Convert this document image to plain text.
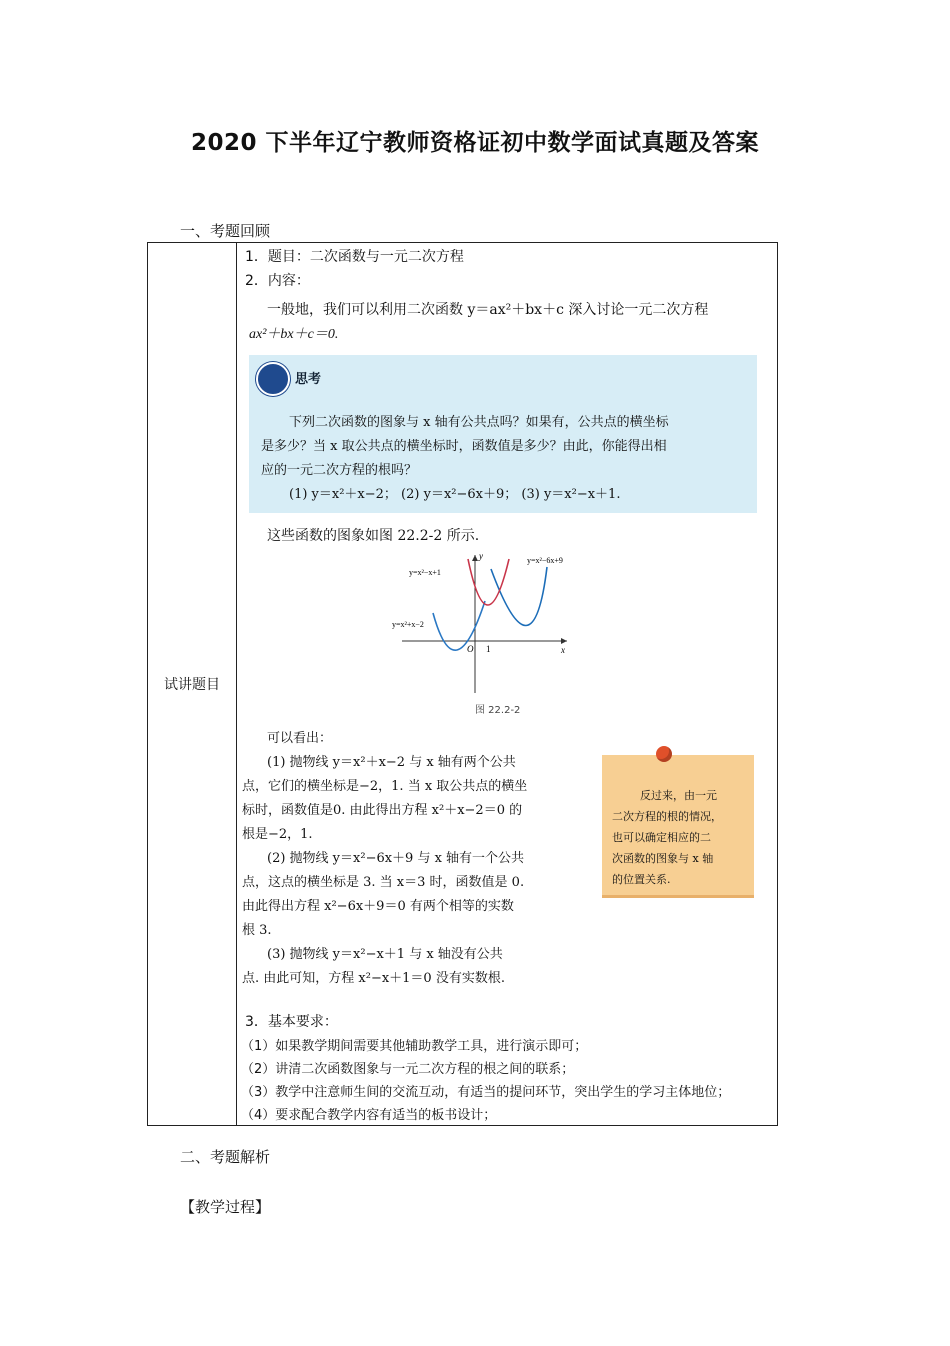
2020 下半年辽宁教师资格证初中数学面试真题及答案
一、考题回顾
试讲题目	
1．题目：二次函数与一元二次方程
2．内容：
一般地，我们可以利用二次函数 y＝ax²＋bx＋c 深入讨论一元二次方程
ax²＋bx＋c＝0.
思考
下列二次函数的图象与 x 轴有公共点吗？如果有，公共点的横坐标
是多少？当 x 取公共点的横坐标时，函数值是多少？由此，你能得出相
应的一元二次方程的根吗？
(1) y＝x²＋x−2； (2) y＝x²−6x＋9； (3) y＝x²−x＋1.
这些函数的图象如图 22.2-2 所示.
y
x
O 1
y=x²−x+1
y=x²−6x+9
y=x²+x−2
图 22.2-2
可以看出：
(1) 抛物线 y＝x²＋x−2 与 x 轴有两个公共
点，它们的横坐标是−2，1. 当 x 取公共点的横坐
标时，函数值是0. 由此得出方程 x²＋x−2＝0 的
根是−2，1.
(2) 抛物线 y＝x²−6x＋9 与 x 轴有一个公共
点，这点的横坐标是 3. 当 x＝3 时，函数值是 0.
由此得出方程 x²−6x＋9＝0 有两个相等的实数
根 3.
(3) 抛物线 y＝x²−x＋1 与 x 轴没有公共
点. 由此可知，方程 x²−x＋1＝0 没有实数根.
反过来，由一元
二次方程的根的情况，
也可以确定相应的二
次函数的图象与 x 轴
的位置关系.
3．基本要求：
（1）如果教学期间需要其他辅助教学工具，进行演示即可；
（2）讲清二次函数图象与一元二次方程的根之间的联系；
（3）教学中注意师生间的交流互动，有适当的提问环节，突出学生的学习主体地位；
（4）要求配合教学内容有适当的板书设计；
二、考题解析
【教学过程】
